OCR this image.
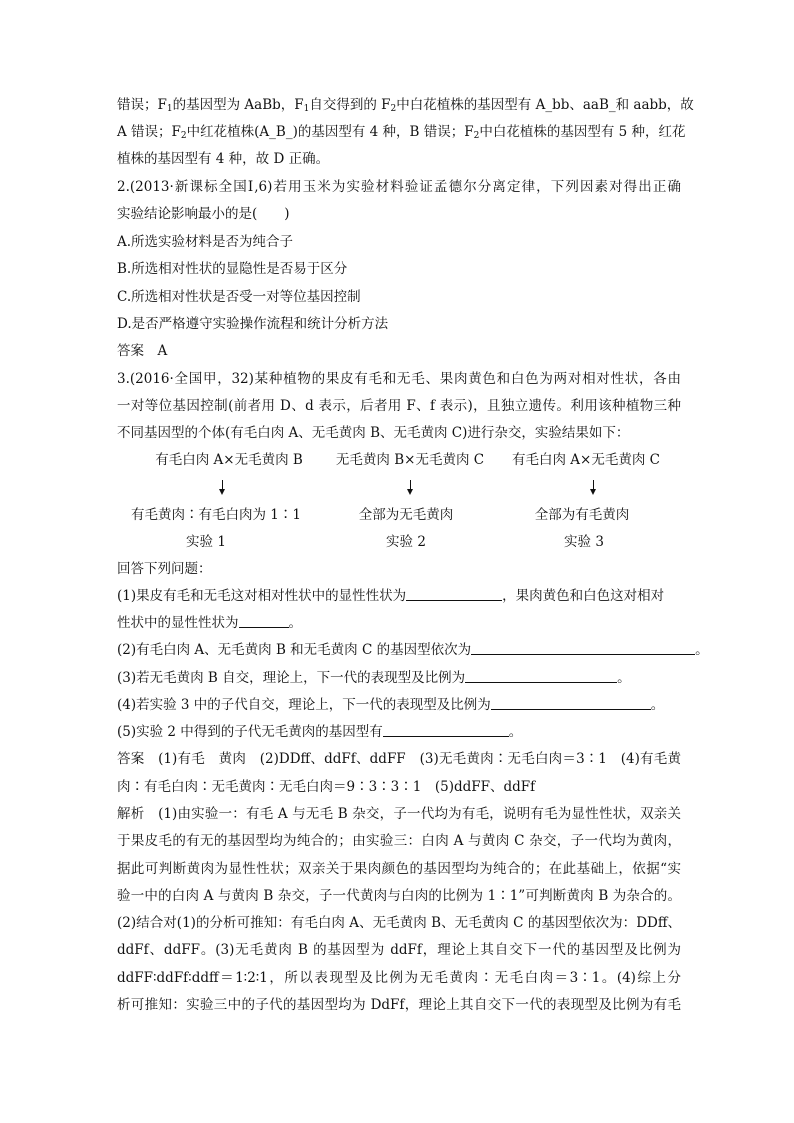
错误；$F_1$的基因型为 AaBb，$F_1$自交得到的 $F_2$中白花植株的基因型有 A_bb、aaB_和 aabb，故
A 错误；$F_2$中红花植株(A_B_)的基因型有 4 种，B 错误；$F_2$中白花植株的基因型有 5 种，红花
植株的基因型有 4 种，故 D 正确。
2.(2013·新课标全国Ⅰ,6)若用玉米为实验材料验证孟德尔分离定律，下列因素对得出正确
实验结论影响最小的是(　　)
A.所选实验材料是否为纯合子
B.所选相对性状的显隐性是否易于区分
C.所选相对性状是否受一对等位基因控制
D.是否严格遵守实验操作流程和统计分析方法
答案　A
3.(2016·全国甲，32)某种植物的果皮有毛和无毛、果肉黄色和白色为两对相对性状，各由
一对等位基因控制(前者用 D、d 表示，后者用 F、f 表示)，且独立遗传。利用该种植物三种
不同基因型的个体(有毛白肉 A、无毛黄肉 B、无毛黄肉 C)进行杂交，实验结果如下：
有毛白肉 A×无毛黄肉 B 无毛黄肉 B×无毛黄肉 C 有毛白肉 A×无毛黄肉 C
有毛黄肉∶有毛白肉为 1∶1	全部为无毛黄肉	全部为有毛黄肉
实验 1	实验 2	实验 3
回答下列问题：
(1)果皮有毛和无毛这对相对性状中的显性性状为	，果肉黄色和白色这对相对
性状中的显性性状为	。
(2)有毛白肉 A、无毛黄肉 B 和无毛黄肉 C 的基因型依次为	。
(3)若无毛黄肉 B 自交，理论上，下一代的表现型及比例为	。
(4)若实验 3 中的子代自交，理论上，下一代的表现型及比例为	。
(5)实验 2 中得到的子代无毛黄肉的基因型有	。
答案　(1)有毛　黄肉　(2)DDff、ddFf、ddFF　(3)无毛黄肉∶无毛白肉＝3∶1　(4)有毛黄
肉∶有毛白肉∶无毛黄肉∶无毛白肉＝9∶3∶3∶1　(5)ddFF、ddFf
解析　(1)由实验一：有毛 A 与无毛 B 杂交，子一代均为有毛，说明有毛为显性性状，双亲关
于果皮毛的有无的基因型均为纯合的；由实验三：白肉 A 与黄肉 C 杂交，子一代均为黄肉，
据此可判断黄肉为显性性状；双亲关于果肉颜色的基因型均为纯合的；在此基础上，依据“实
验一中的白肉 A 与黄肉 B 杂交，子一代黄肉与白肉的比例为 1∶1”可判断黄肉 B 为杂合的。
(2)结合对(1)的分析可推知：有毛白肉 A、无毛黄肉 B、无毛黄肉 C 的基因型依次为：DDff、
ddFf、ddFF。(3)无毛黄肉 B 的基因型为 ddFf，理论上其自交下一代的基因型及比例为
ddFF∶ddFf∶ddff＝1∶2∶1，所以表现型及比例为无毛黄肉∶无毛白肉＝3∶1。(4)综上分
析可推知：实验三中的子代的基因型均为 DdFf，理论上其自交下一代的表现型及比例为有毛
